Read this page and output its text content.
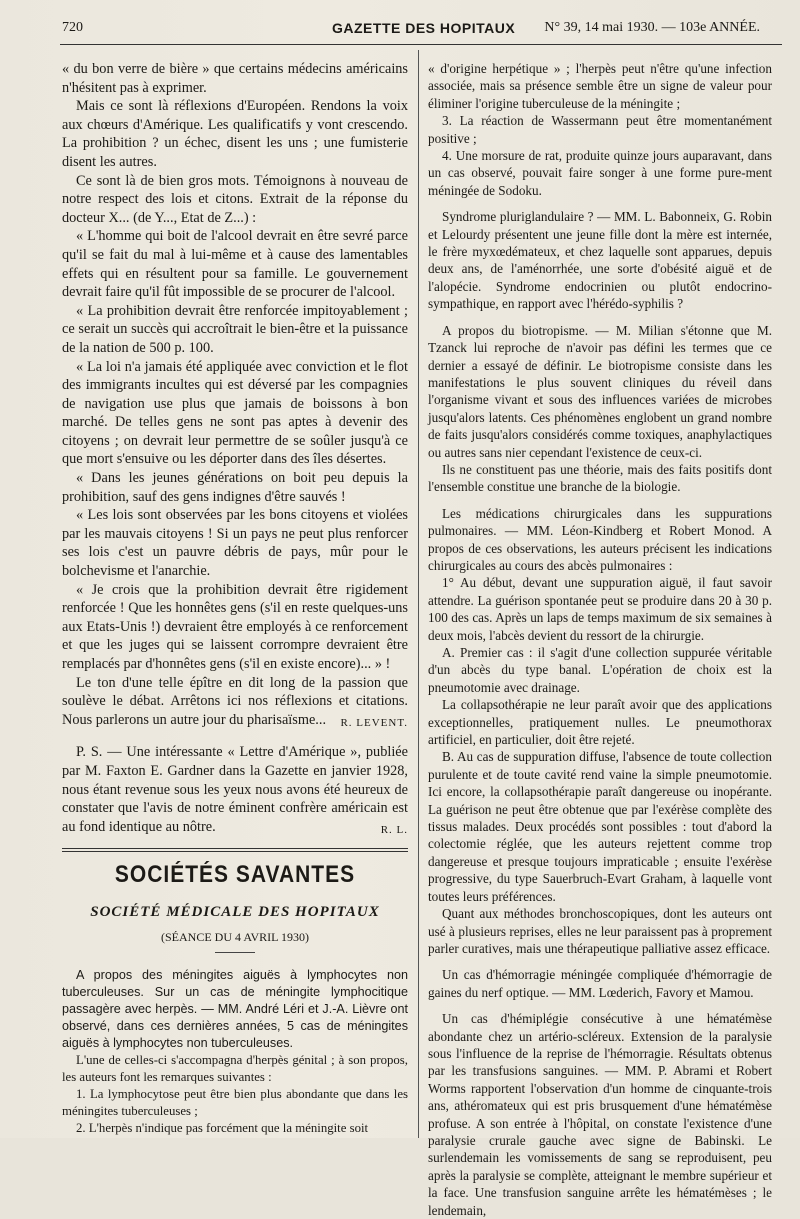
720	GAZETTE DES HOPITAUX N° 39, 14 mai 1930. — 103e ANNÉE.

« du bon verre de bière » que certains médecins américains n'hésitent pas à exprimer.

Mais ce sont là réflexions d'Européen. Rendons la voix aux chœurs d'Amérique. Les qualificatifs y vont crescendo. La prohibition ? un échec, disent les uns ; une fumisterie disent les autres.

Ce sont là de bien gros mots. Témoignons à nouveau de notre respect des lois et citons. Extrait de la réponse du docteur X... (de Y..., Etat de Z...) :

« L'homme qui boit de l'alcool devrait en être sevré parce qu'il se fait du mal à lui-même et à cause des lamentables effets qui en résultent pour sa famille. Le gouvernement devrait faire qu'il fût impossible de se procurer de l'alcool.

« La prohibition devrait être renforcée impitoyablement ; ce serait un succès qui accroîtrait le bien-être et la puissance de la nation de 500 p. 100.

« La loi n'a jamais été appliquée avec conviction et le flot des immigrants incultes qui est déversé par les compagnies de navigation use plus que jamais de boissons à bon marché. De telles gens ne sont pas aptes à devenir des citoyens ; on devrait leur permettre de se soûler jusqu'à ce que mort s'ensuive ou les déporter dans des îles désertes.

« Dans les jeunes générations on boit peu depuis la prohibition, sauf des gens indignes d'être sauvés !

« Les lois sont observées par les bons citoyens et violées par les mauvais citoyens ! Si un pays ne peut plus renforcer ses lois c'est un pauvre débris de pays, mûr pour le bolchevisme et l'anarchie.

« Je crois que la prohibition devrait être rigidement renforcée ! Que les honnêtes gens (s'il en reste quelques-uns aux Etats-Unis !) devraient être employés à ce renforcement et que les juges qui se laissent corrompre devraient être remplacés par d'honnêtes gens (s'il en existe encore)... » !

Le ton d'une telle épître en dit long de la passion que soulève le débat. Arrêtons ici nos réflexions et citations. Nous parlerons un autre jour du pharisaïsme...	R. LEVENT.

P. S. — Une intéressante « Lettre d'Amérique », publiée par M. Faxton E. Gardner dans la Gazette en janvier 1928, nous étant revenue sous les yeux nous avons été heureux de constater que l'avis de notre éminent confrère américain est au fond identique au nôtre.	R. L.

SOCIÉTÉS SAVANTES
SOCIÉTÉ MÉDICALE DES HOPITAUX
(SÉANCE DU 4 AVRIL 1930)

A propos des méningites aiguës à lymphocytes non tuberculeuses. Sur un cas de méningite lymphocitique passagère avec herpès. — MM. André Léri et J.-A. Lièvre ont observé, dans ces dernières années, 5 cas de méningites aiguës à lymphocytes non tuberculeuses.

L'une de celles-ci s'accompagna d'herpès génital ; à son propos, les auteurs font les remarques suivantes :

1. La lymphocytose peut être bien plus abondante que dans les méningites tuberculeuses ;

2. L'herpès n'indique pas forcément que la méningite soit

« d'origine herpétique » ; l'herpès peut n'être qu'une infection associée, mais sa présence semble être un signe de valeur pour éliminer l'origine tuberculeuse de la méningite ;

3. La réaction de Wassermann peut être momentanément positive ;

4. Une morsure de rat, produite quinze jours auparavant, dans un cas observé, pouvait faire songer à une forme pure-ment méningée de Sodoku.

Syndrome pluriglandulaire ? — MM. L. Babonneix, G. Robin et Lelourdy présentent une jeune fille dont la mère est internée, le frère myxœdémateux, et chez laquelle sont apparues, depuis deux ans, de l'aménorrhée, une sorte d'obésité aiguë et de l'alopécie. Syndrome endocrinien ou plutôt endocrino-sympathique, en rapport avec l'hérédo-syphilis ?

A propos du biotropisme. — M. Milian s'étonne que M. Tzanck lui reproche de n'avoir pas défini les termes que ce dernier a essayé de définir. Le biotropisme consiste dans les manifestations le plus souvent cliniques du réveil dans l'organisme vivant et sous des influences variées de microbes jusqu'alors latents. Ces phénomènes englobent un grand nombre de faits jusqu'alors considérés comme toxiques, anaphylactiques ou autres sans nier cependant l'existence de ceux-ci.

Ils ne constituent pas une théorie, mais des faits positifs dont l'ensemble constitue une branche de la biologie.

Les médications chirurgicales dans les suppurations pulmonaires. — MM. Léon-Kindberg et Robert Monod. A propos de ces observations, les auteurs précisent les indications chirurgicales au cours des abcès pulmonaires :

1° Au début, devant une suppuration aiguë, il faut savoir attendre. La guérison spontanée peut se produire dans 20 à 30 p. 100 des cas. Après un laps de temps maximum de six semaines à deux mois, l'abcès devient du ressort de la chirurgie.

A. Premier cas : il s'agit d'une collection suppurée véritable d'un abcès du type banal. L'opération de choix est la pneumotomie avec drainage.

La collapsothérapie ne leur paraît avoir que des applications exceptionnelles, pratiquement nulles. Le pneumothorax artificiel, en particulier, doit être rejeté.

B. Au cas de suppuration diffuse, l'absence de toute collection purulente et de toute cavité rend vaine la simple pneumotomie. Ici encore, la collapsothérapie paraît dangereuse ou inopérante. La guérison ne peut être obtenue que par l'exérèse complète des tissus malades. Deux procédés sont possibles : tout d'abord la colectomie réglée, que les auteurs rejettent comme trop dangereuse et presque toujours impraticable ; ensuite l'exérèse progressive, du type Sauerbruch-Evart Graham, à laquelle vont toutes leurs préférences.

Quant aux méthodes bronchoscopiques, dont les auteurs ont usé à plusieurs reprises, elles ne leur paraissent pas à proprement parler curatives, mais une thérapeutique palliative assez efficace.

Un cas d'hémorragie méningée compliquée d'hémorragie de gaines du nerf optique. — MM. Lœderich, Favory et Mamou.

Un cas d'hémiplégie consécutive à une hématémèse abondante chez un artério-scléreux. Extension de la paralysie sous l'influence de la reprise de l'hémorragie. Résultats obtenus par les transfusions sanguines. — MM. P. Abrami et Robert Worms rapportent l'observation d'un homme de cinquante-trois ans, athéromateux qui est pris brusquement d'une hématémèse profuse. A son entrée à l'hôpital, on constate l'existence d'une paralysie crurale gauche avec signe de Babinski. Le surlendemain les vomissements de sang se reproduisent, peu après la paralysie se complète, atteignant le membre supérieur et la face. Une transfusion sanguine arrête les hématémèses ; le lendemain,
